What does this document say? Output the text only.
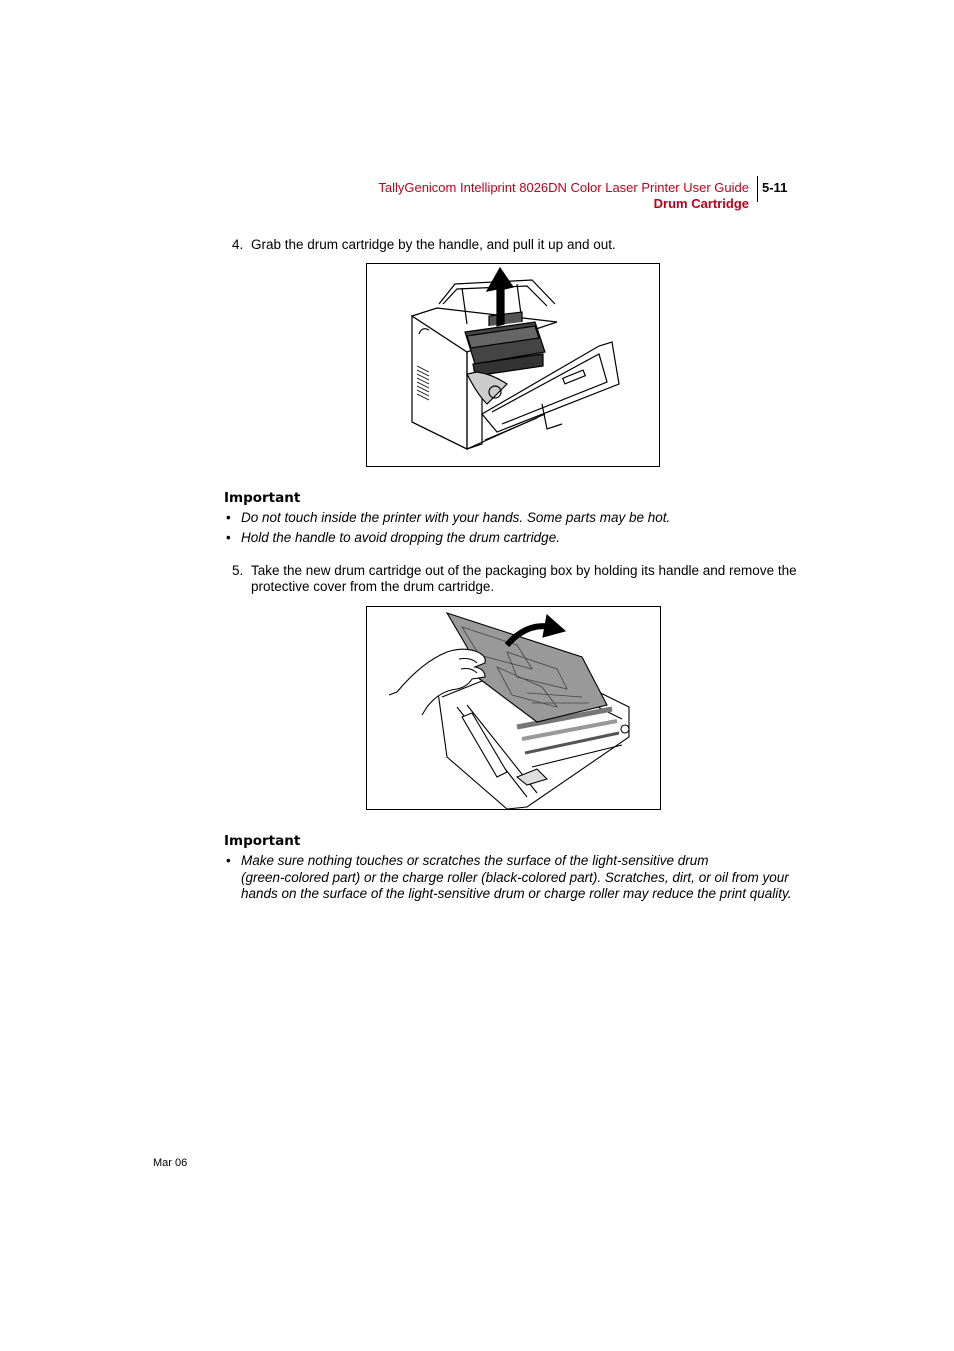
TallyGenicom Intelliprint 8026DN Color Laser Printer User Guide
Drum Cartridge
5-11
4. Grab the drum cartridge by the handle, and pull it up and out.
Important
• Do not touch inside the printer with your hands. Some parts may be hot.
• Hold the handle to avoid dropping the drum cartridge.
5. Take the new drum cartridge out of the packaging box by holding its handle and remove the
protective cover from the drum cartridge.
Important
• Make sure nothing touches or scratches the surface of the light-sensitive drum
(green-colored part) or the charge roller (black-colored part). Scratches, dirt, or oil from your
hands on the surface of the light-sensitive drum or charge roller may reduce the print quality.
Mar 06
